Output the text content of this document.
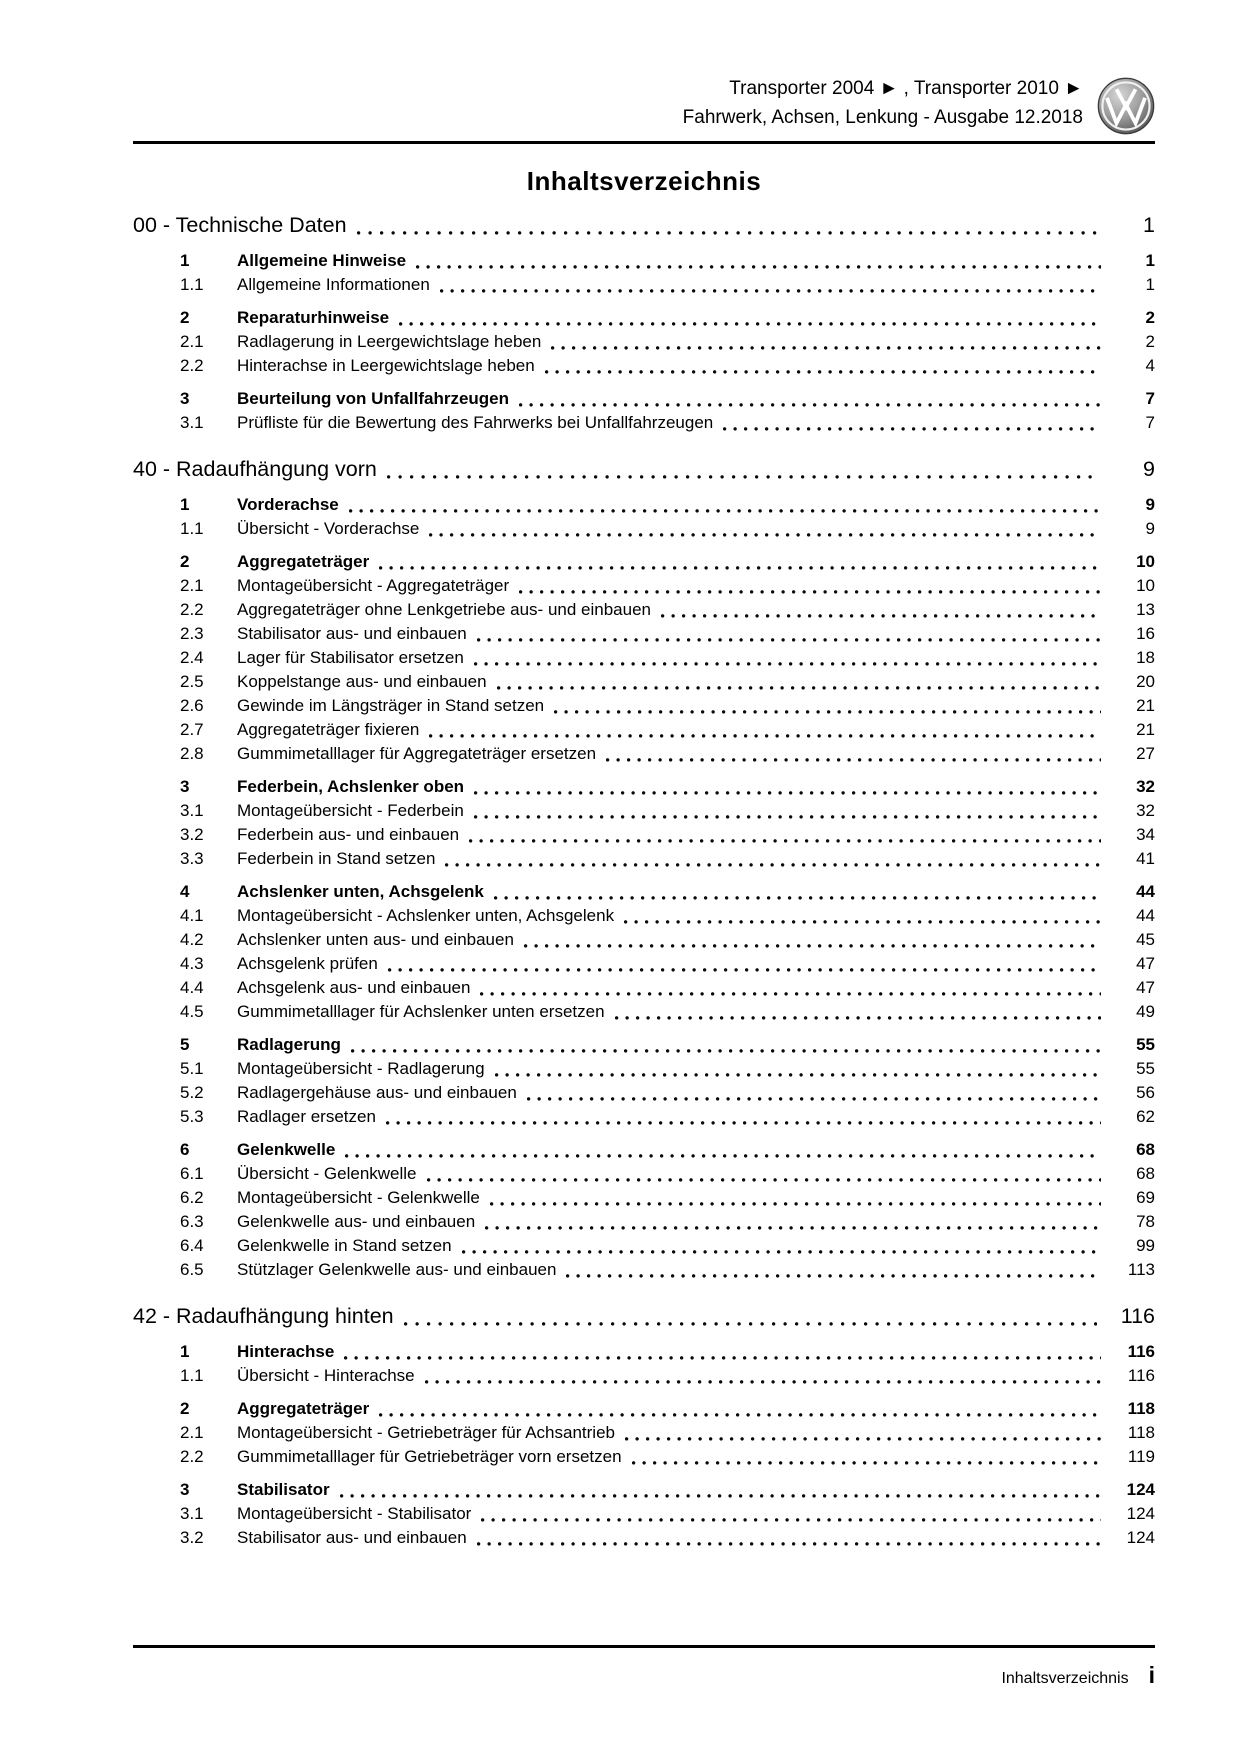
Transporter 2004 ► , Transporter 2010 ►
Fahrwerk, Achsen, Lenkung - Ausgabe 12.2018
Inhaltsverzeichnis
00 - Technische Daten	1
1	Allgemeine Hinweise	1
1.1	Allgemeine Informationen	1
2	Reparaturhinweise	2
2.1	Radlagerung in Leergewichtslage heben	2
2.2	Hinterachse in Leergewichtslage heben	4
3	Beurteilung von Unfallfahrzeugen	7
3.1	Prüfliste für die Bewertung des Fahrwerks bei Unfallfahrzeugen	7
40 - Radaufhängung vorn	9
1	Vorderachse	9
1.1	Übersicht - Vorderachse	9
2	Aggregateträger	10
2.1	Montageübersicht - Aggregateträger	10
2.2	Aggregateträger ohne Lenkgetriebe aus- und einbauen	13
2.3	Stabilisator aus- und einbauen	16
2.4	Lager für Stabilisator ersetzen	18
2.5	Koppelstange aus- und einbauen	20
2.6	Gewinde im Längsträger in Stand setzen	21
2.7	Aggregateträger fixieren	21
2.8	Gummimetalllager für Aggregateträger ersetzen	27
3	Federbein, Achslenker oben	32
3.1	Montageübersicht - Federbein	32
3.2	Federbein aus- und einbauen	34
3.3	Federbein in Stand setzen	41
4	Achslenker unten, Achsgelenk	44
4.1	Montageübersicht - Achslenker unten, Achsgelenk	44
4.2	Achslenker unten aus- und einbauen	45
4.3	Achsgelenk prüfen	47
4.4	Achsgelenk aus- und einbauen	47
4.5	Gummimetalllager für Achslenker unten ersetzen	49
5	Radlagerung	55
5.1	Montageübersicht - Radlagerung	55
5.2	Radlagergehäuse aus- und einbauen	56
5.3	Radlager ersetzen	62
6	Gelenkwelle	68
6.1	Übersicht - Gelenkwelle	68
6.2	Montageübersicht - Gelenkwelle	69
6.3	Gelenkwelle aus- und einbauen	78
6.4	Gelenkwelle in Stand setzen	99
6.5	Stützlager Gelenkwelle aus- und einbauen	113
42 - Radaufhängung hinten	116
1	Hinterachse	116
1.1	Übersicht - Hinterachse	116
2	Aggregateträger	118
2.1	Montageübersicht - Getriebeträger für Achsantrieb	118
2.2	Gummimetalllager für Getriebeträger vorn ersetzen	119
3	Stabilisator	124
3.1	Montageübersicht - Stabilisator	124
3.2	Stabilisator aus- und einbauen	124
Inhaltsverzeichnis i
